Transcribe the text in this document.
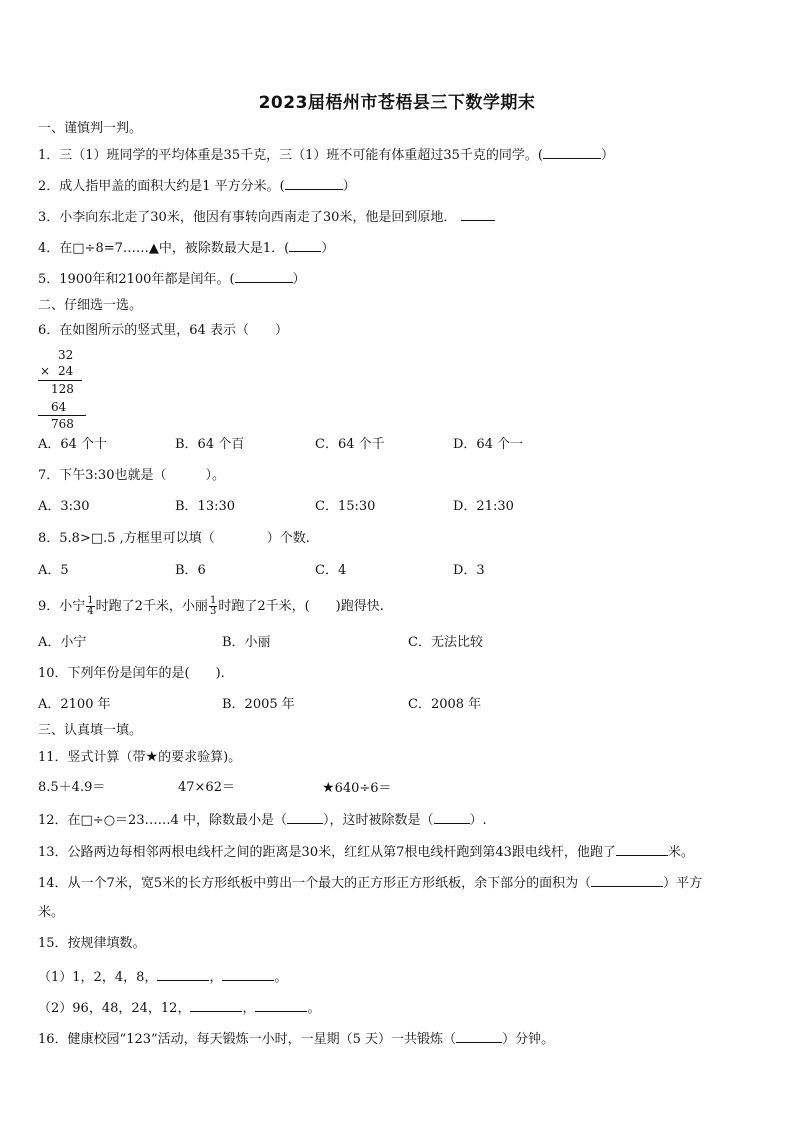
2023届梧州市苍梧县三下数学期末
一、谨慎判一判。
1．三（1）班同学的平均体重是35千克，三（1）班不可能有体重超过35千克的同学。(	）
2．成人指甲盖的面积大约是1 平方分米。(	）
3．小李向东北走了30米，他因有事转向西南走了30米，他是回到原地．
4．在□÷8=7……▲中，被除数最大是1．( ）
5．1900年和2100年都是闰年。(	）
二、仔细选一选。
6．在如图所示的竖式里，64 表示（　　）
32
× 24
128
64
768
A．64 个十	B．64 个百	C．64 个千	D．64 个一
7．下午3:30也就是（　　　）。
A．3:30	B．13:30	C．15:30	D．21:30
8．5.8>□.5 ,方框里可以填（　　　　）个数.
A．5	B．6	C．4	D．3
9．小宁 $\frac{1}{4}$ 时跑了2千米，小丽 $\frac{1}{3}$ 时跑了2千米，(　　)跑得快.
A．小宁	B．小丽	C．无法比较
10．下列年份是闰年的是(　　).
A．2100 年	B．2005 年	C．2008 年
三、认真填一填。
11．竖式计算（带★的要求验算)。
8.5＋4.9＝	47×62＝	★640÷6＝
12．在□÷○＝23……4 中，除数最小是（	），这时被除数是（	）.
13．公路两边每相邻两根电线杆之间的距离是30米，红红从第7根电线杆跑到第43跟电线杆，他跑了	米。
14．从一个7米，宽5米的长方形纸板中剪出一个最大的正方形正方形纸板，余下部分的面积为（	）平方
米。
15．按规律填数。
（1）1，2，4，8，	，	。
（2）96，48，24，12，	，	。
16．健康校园“123”活动，每天锻炼一小时，一星期（5 天）一共锻炼（	）分钟。
